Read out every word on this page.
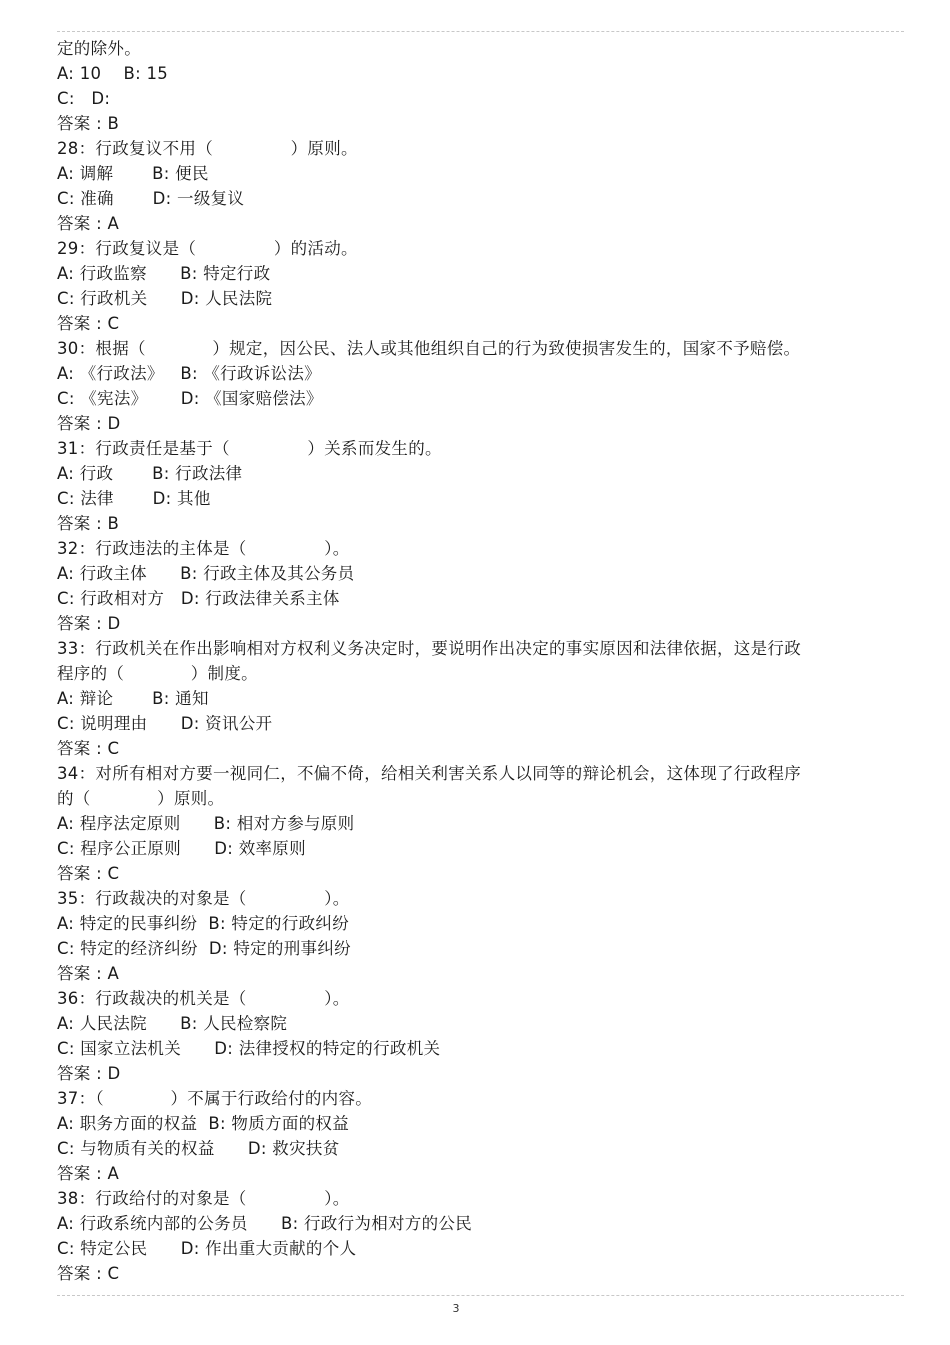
定的除外。
A: 10    B: 15
C:   D:
答案 : B
28：行政复议不用（              ）原则。
A: 调解       B: 便民
C: 准确       D: 一级复议
答案 : A
29：行政复议是（              ）的活动。
A: 行政监察      B: 特定行政
C: 行政机关      D: 人民法院
答案 : C
30：根据（            ）规定，因公民、法人或其他组织自己的行为致使损害发生的，国家不予赔偿。
A: 《行政法》   B: 《行政诉讼法》
C: 《宪法》      D: 《国家赔偿法》
答案 : D
31：行政责任是基于（              ）关系而发生的。
A: 行政       B: 行政法律
C: 法律       D: 其他
答案 : B
32：行政违法的主体是（              ）。
A: 行政主体      B: 行政主体及其公务员
C: 行政相对方   D: 行政法律关系主体
答案 : D
33：行政机关在作出影响相对方权利义务决定时，要说明作出决定的事实原因和法律依据，这是行政
程序的（            ）制度。
A: 辩论       B: 通知
C: 说明理由      D: 资讯公开
答案 : C
34：对所有相对方要一视同仁，不偏不倚，给相关利害关系人以同等的辩论机会，这体现了行政程序
的（            ）原则。
A: 程序法定原则      B: 相对方参与原则
C: 程序公正原则      D: 效率原则
答案 : C
35：行政裁决的对象是（              ）。
A: 特定的民事纠纷  B: 特定的行政纠纷
C: 特定的经济纠纷  D: 特定的刑事纠纷
答案 : A
36：行政裁决的机关是（              ）。
A: 人民法院      B: 人民检察院
C: 国家立法机关      D: 法律授权的特定的行政机关
答案 : D
37：（            ）不属于行政给付的内容。
A: 职务方面的权益  B: 物质方面的权益
C: 与物质有关的权益      D: 救灾扶贫
答案 : A
38：行政给付的对象是（              ）。
A: 行政系统内部的公务员      B: 行政行为相对方的公民
C: 特定公民      D: 作出重大贡献的个人
答案 : C
3
